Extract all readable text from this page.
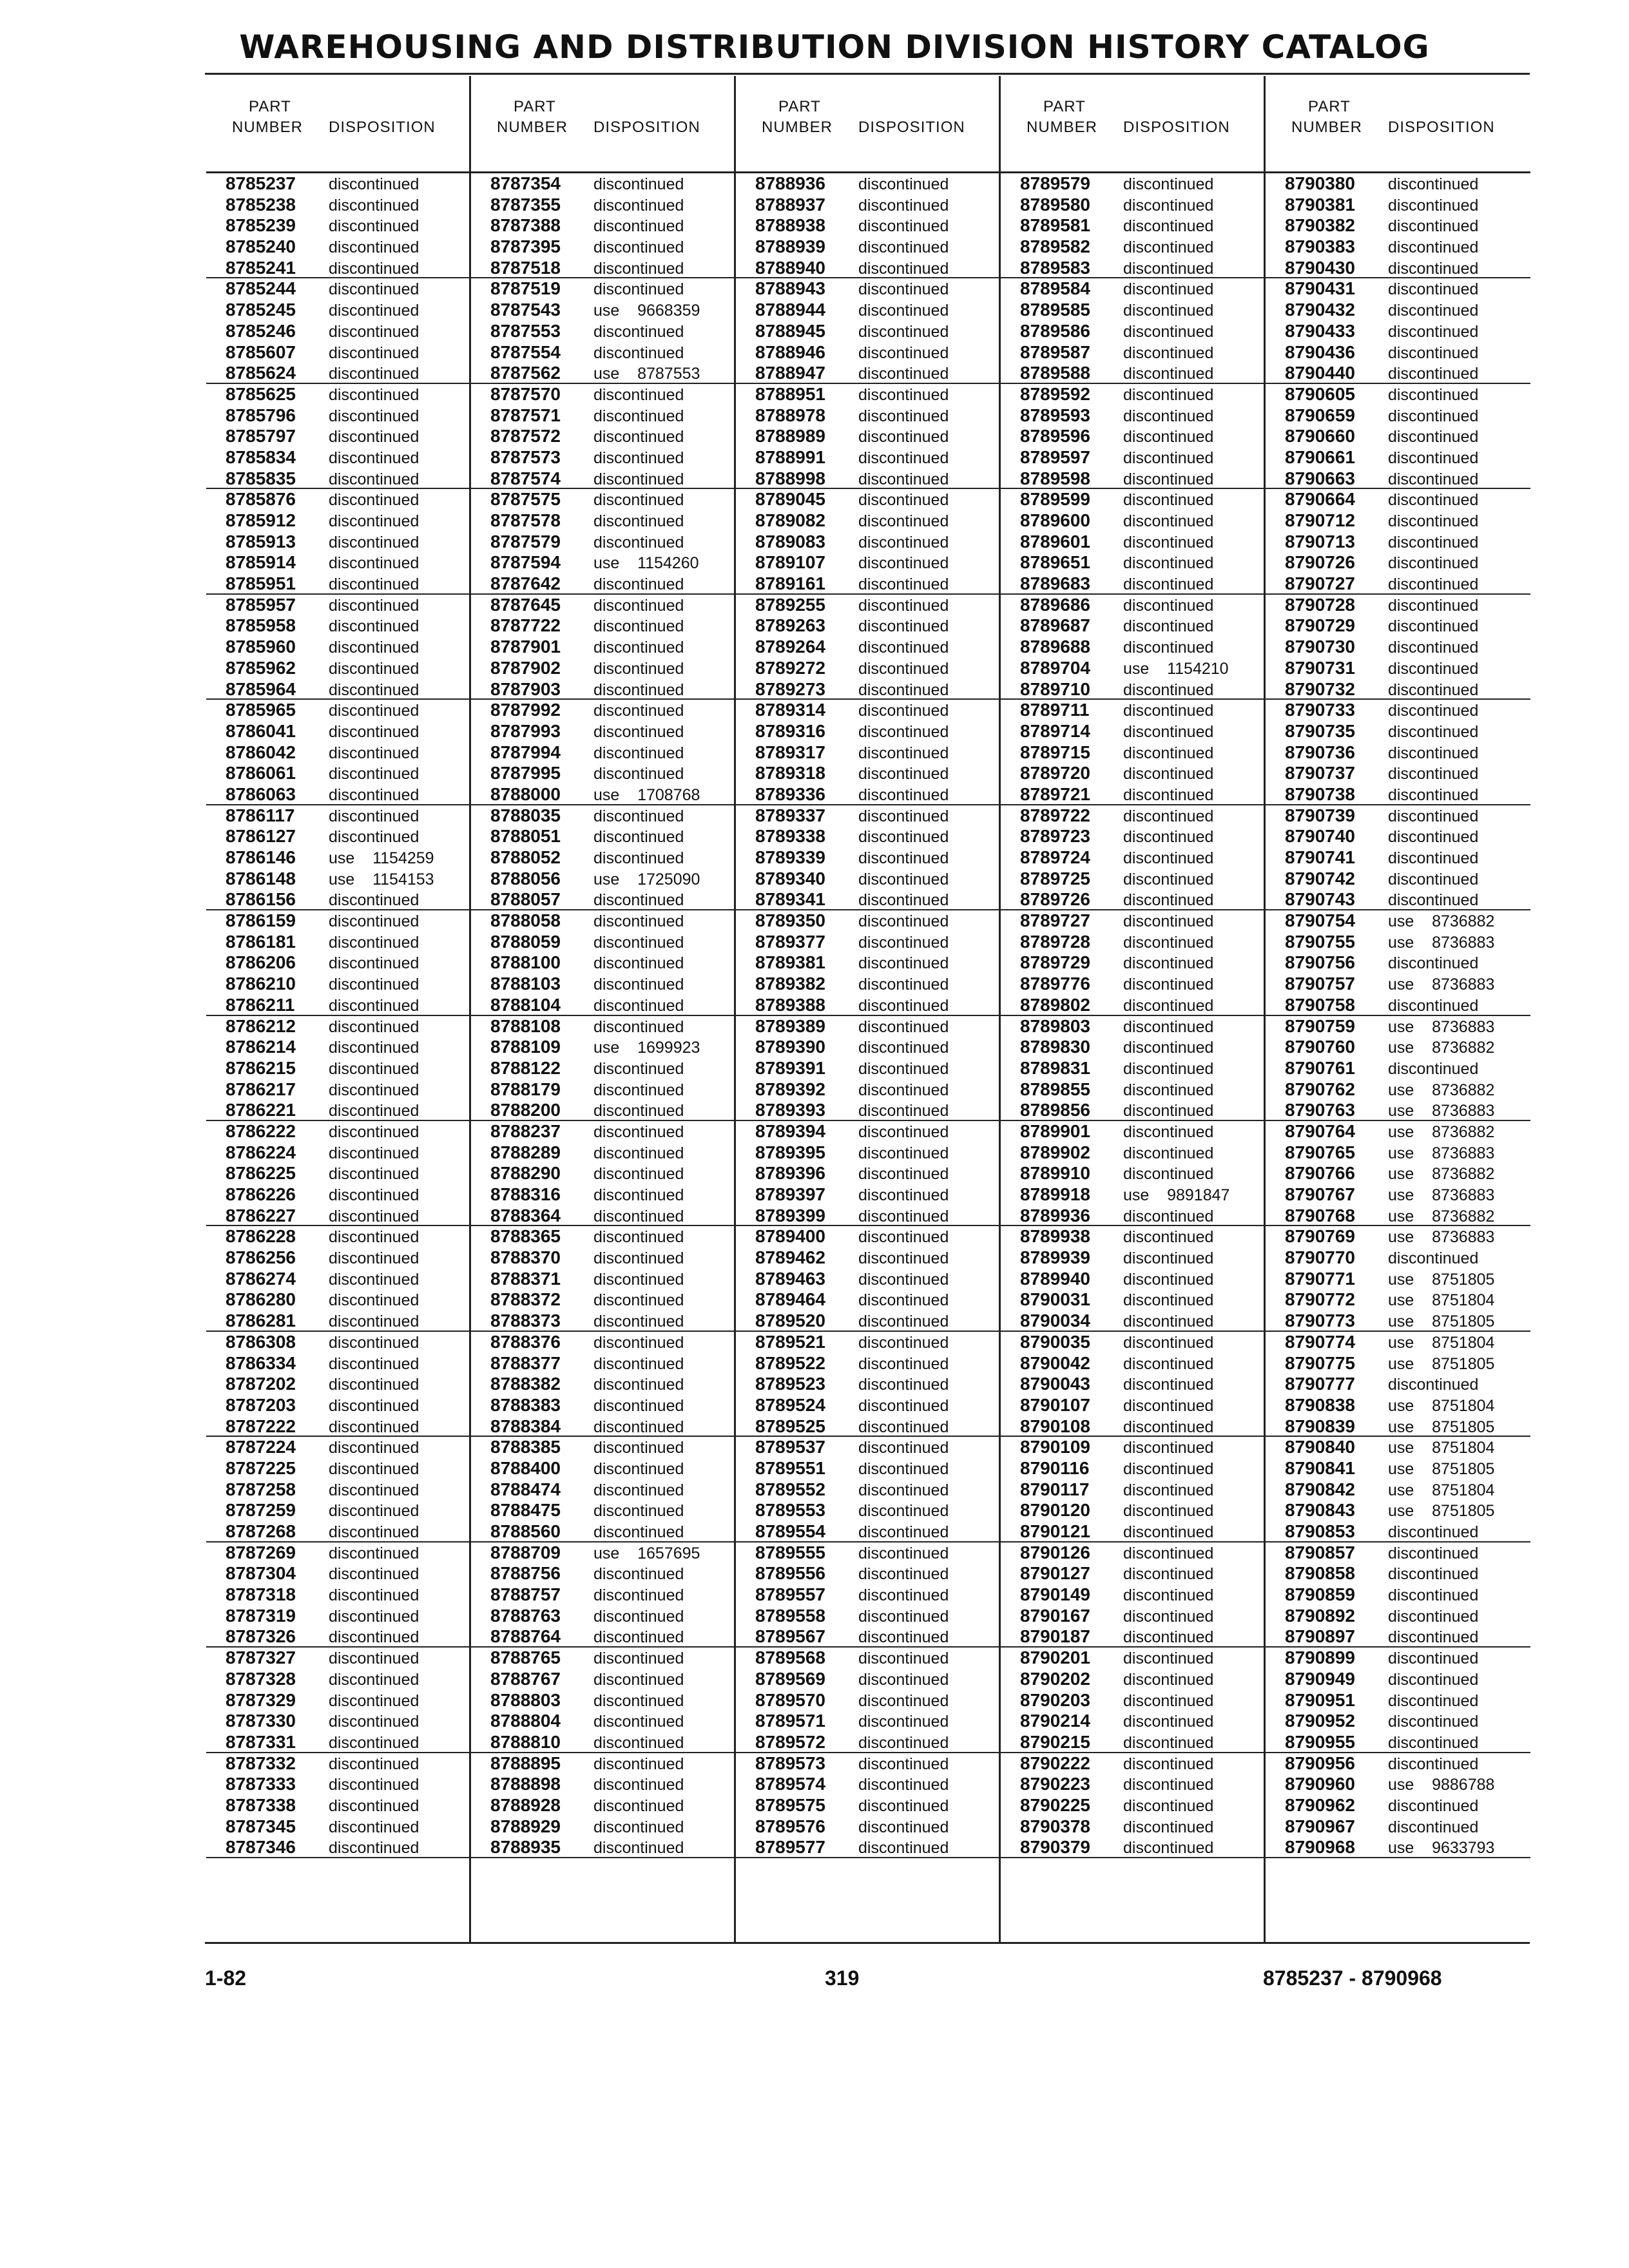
WAREHOUSING AND DISTRIBUTION DIVISION HISTORY CATALOG
PART
NUMBER DISPOSITION
8785237 discontinued
8785238 discontinued
8785239 discontinued
8785240 discontinued
8785241 discontinued
8785244 discontinued
8785245 discontinued
8785246 discontinued
8785607 discontinued
8785624 discontinued
8785625 discontinued
8785796 discontinued
8785797 discontinued
8785834 discontinued
8785835 discontinued
8785876 discontinued
8785912 discontinued
8785913 discontinued
8785914 discontinued
8785951 discontinued
8785957 discontinued
8785958 discontinued
8785960 discontinued
8785962 discontinued
8785964 discontinued
8785965 discontinued
8786041 discontinued
8786042 discontinued
8786061 discontinued
8786063 discontinued
8786117 discontinued
8786127 discontinued
8786146 use    1154259
8786148 use    1154153
8786156 discontinued
8786159 discontinued
8786181 discontinued
8786206 discontinued
8786210 discontinued
8786211 discontinued
8786212 discontinued
8786214 discontinued
8786215 discontinued
8786217 discontinued
8786221 discontinued
8786222 discontinued
8786224 discontinued
8786225 discontinued
8786226 discontinued
8786227 discontinued
8786228 discontinued
8786256 discontinued
8786274 discontinued
8786280 discontinued
8786281 discontinued
8786308 discontinued
8786334 discontinued
8787202 discontinued
8787203 discontinued
8787222 discontinued
8787224 discontinued
8787225 discontinued
8787258 discontinued
8787259 discontinued
8787268 discontinued
8787269 discontinued
8787304 discontinued
8787318 discontinued
8787319 discontinued
8787326 discontinued
8787327 discontinued
8787328 discontinued
8787329 discontinued
8787330 discontinued
8787331 discontinued
8787332 discontinued
8787333 discontinued
8787338 discontinued
8787345 discontinued
8787346 discontinued
PART
NUMBER DISPOSITION
8787354 discontinued
8787355 discontinued
8787388 discontinued
8787395 discontinued
8787518 discontinued
8787519 discontinued
8787543 use    9668359
8787553 discontinued
8787554 discontinued
8787562 use    8787553
8787570 discontinued
8787571 discontinued
8787572 discontinued
8787573 discontinued
8787574 discontinued
8787575 discontinued
8787578 discontinued
8787579 discontinued
8787594 use    1154260
8787642 discontinued
8787645 discontinued
8787722 discontinued
8787901 discontinued
8787902 discontinued
8787903 discontinued
8787992 discontinued
8787993 discontinued
8787994 discontinued
8787995 discontinued
8788000 use    1708768
8788035 discontinued
8788051 discontinued
8788052 discontinued
8788056 use    1725090
8788057 discontinued
8788058 discontinued
8788059 discontinued
8788100 discontinued
8788103 discontinued
8788104 discontinued
8788108 discontinued
8788109 use    1699923
8788122 discontinued
8788179 discontinued
8788200 discontinued
8788237 discontinued
8788289 discontinued
8788290 discontinued
8788316 discontinued
8788364 discontinued
8788365 discontinued
8788370 discontinued
8788371 discontinued
8788372 discontinued
8788373 discontinued
8788376 discontinued
8788377 discontinued
8788382 discontinued
8788383 discontinued
8788384 discontinued
8788385 discontinued
8788400 discontinued
8788474 discontinued
8788475 discontinued
8788560 discontinued
8788709 use    1657695
8788756 discontinued
8788757 discontinued
8788763 discontinued
8788764 discontinued
8788765 discontinued
8788767 discontinued
8788803 discontinued
8788804 discontinued
8788810 discontinued
8788895 discontinued
8788898 discontinued
8788928 discontinued
8788929 discontinued
8788935 discontinued
PART
NUMBER DISPOSITION
8788936 discontinued
8788937 discontinued
8788938 discontinued
8788939 discontinued
8788940 discontinued
8788943 discontinued
8788944 discontinued
8788945 discontinued
8788946 discontinued
8788947 discontinued
8788951 discontinued
8788978 discontinued
8788989 discontinued
8788991 discontinued
8788998 discontinued
8789045 discontinued
8789082 discontinued
8789083 discontinued
8789107 discontinued
8789161 discontinued
8789255 discontinued
8789263 discontinued
8789264 discontinued
8789272 discontinued
8789273 discontinued
8789314 discontinued
8789316 discontinued
8789317 discontinued
8789318 discontinued
8789336 discontinued
8789337 discontinued
8789338 discontinued
8789339 discontinued
8789340 discontinued
8789341 discontinued
8789350 discontinued
8789377 discontinued
8789381 discontinued
8789382 discontinued
8789388 discontinued
8789389 discontinued
8789390 discontinued
8789391 discontinued
8789392 discontinued
8789393 discontinued
8789394 discontinued
8789395 discontinued
8789396 discontinued
8789397 discontinued
8789399 discontinued
8789400 discontinued
8789462 discontinued
8789463 discontinued
8789464 discontinued
8789520 discontinued
8789521 discontinued
8789522 discontinued
8789523 discontinued
8789524 discontinued
8789525 discontinued
8789537 discontinued
8789551 discontinued
8789552 discontinued
8789553 discontinued
8789554 discontinued
8789555 discontinued
8789556 discontinued
8789557 discontinued
8789558 discontinued
8789567 discontinued
8789568 discontinued
8789569 discontinued
8789570 discontinued
8789571 discontinued
8789572 discontinued
8789573 discontinued
8789574 discontinued
8789575 discontinued
8789576 discontinued
8789577 discontinued
PART
NUMBER DISPOSITION
8789579 discontinued
8789580 discontinued
8789581 discontinued
8789582 discontinued
8789583 discontinued
8789584 discontinued
8789585 discontinued
8789586 discontinued
8789587 discontinued
8789588 discontinued
8789592 discontinued
8789593 discontinued
8789596 discontinued
8789597 discontinued
8789598 discontinued
8789599 discontinued
8789600 discontinued
8789601 discontinued
8789651 discontinued
8789683 discontinued
8789686 discontinued
8789687 discontinued
8789688 discontinued
8789704 use    1154210
8789710 discontinued
8789711 discontinued
8789714 discontinued
8789715 discontinued
8789720 discontinued
8789721 discontinued
8789722 discontinued
8789723 discontinued
8789724 discontinued
8789725 discontinued
8789726 discontinued
8789727 discontinued
8789728 discontinued
8789729 discontinued
8789776 discontinued
8789802 discontinued
8789803 discontinued
8789830 discontinued
8789831 discontinued
8789855 discontinued
8789856 discontinued
8789901 discontinued
8789902 discontinued
8789910 discontinued
8789918 use    9891847
8789936 discontinued
8789938 discontinued
8789939 discontinued
8789940 discontinued
8790031 discontinued
8790034 discontinued
8790035 discontinued
8790042 discontinued
8790043 discontinued
8790107 discontinued
8790108 discontinued
8790109 discontinued
8790116 discontinued
8790117 discontinued
8790120 discontinued
8790121 discontinued
8790126 discontinued
8790127 discontinued
8790149 discontinued
8790167 discontinued
8790187 discontinued
8790201 discontinued
8790202 discontinued
8790203 discontinued
8790214 discontinued
8790215 discontinued
8790222 discontinued
8790223 discontinued
8790225 discontinued
8790378 discontinued
8790379 discontinued
PART
NUMBER DISPOSITION
8790380 discontinued
8790381 discontinued
8790382 discontinued
8790383 discontinued
8790430 discontinued
8790431 discontinued
8790432 discontinued
8790433 discontinued
8790436 discontinued
8790440 discontinued
8790605 discontinued
8790659 discontinued
8790660 discontinued
8790661 discontinued
8790663 discontinued
8790664 discontinued
8790712 discontinued
8790713 discontinued
8790726 discontinued
8790727 discontinued
8790728 discontinued
8790729 discontinued
8790730 discontinued
8790731 discontinued
8790732 discontinued
8790733 discontinued
8790735 discontinued
8790736 discontinued
8790737 discontinued
8790738 discontinued
8790739 discontinued
8790740 discontinued
8790741 discontinued
8790742 discontinued
8790743 discontinued
8790754 use    8736882
8790755 use    8736883
8790756 discontinued
8790757 use    8736883
8790758 discontinued
8790759 use    8736883
8790760 use    8736882
8790761 discontinued
8790762 use    8736882
8790763 use    8736883
8790764 use    8736882
8790765 use    8736883
8790766 use    8736882
8790767 use    8736883
8790768 use    8736882
8790769 use    8736883
8790770 discontinued
8790771 use    8751805
8790772 use    8751804
8790773 use    8751805
8790774 use    8751804
8790775 use    8751805
8790777 discontinued
8790838 use    8751804
8790839 use    8751805
8790840 use    8751804
8790841 use    8751805
8790842 use    8751804
8790843 use    8751805
8790853 discontinued
8790857 discontinued
8790858 discontinued
8790859 discontinued
8790892 discontinued
8790897 discontinued
8790899 discontinued
8790949 discontinued
8790951 discontinued
8790952 discontinued
8790955 discontinued
8790956 discontinued
8790960 use    9886788
8790962 discontinued
8790967 discontinued
8790968 use    9633793
1-82	319	8785237 - 8790968
